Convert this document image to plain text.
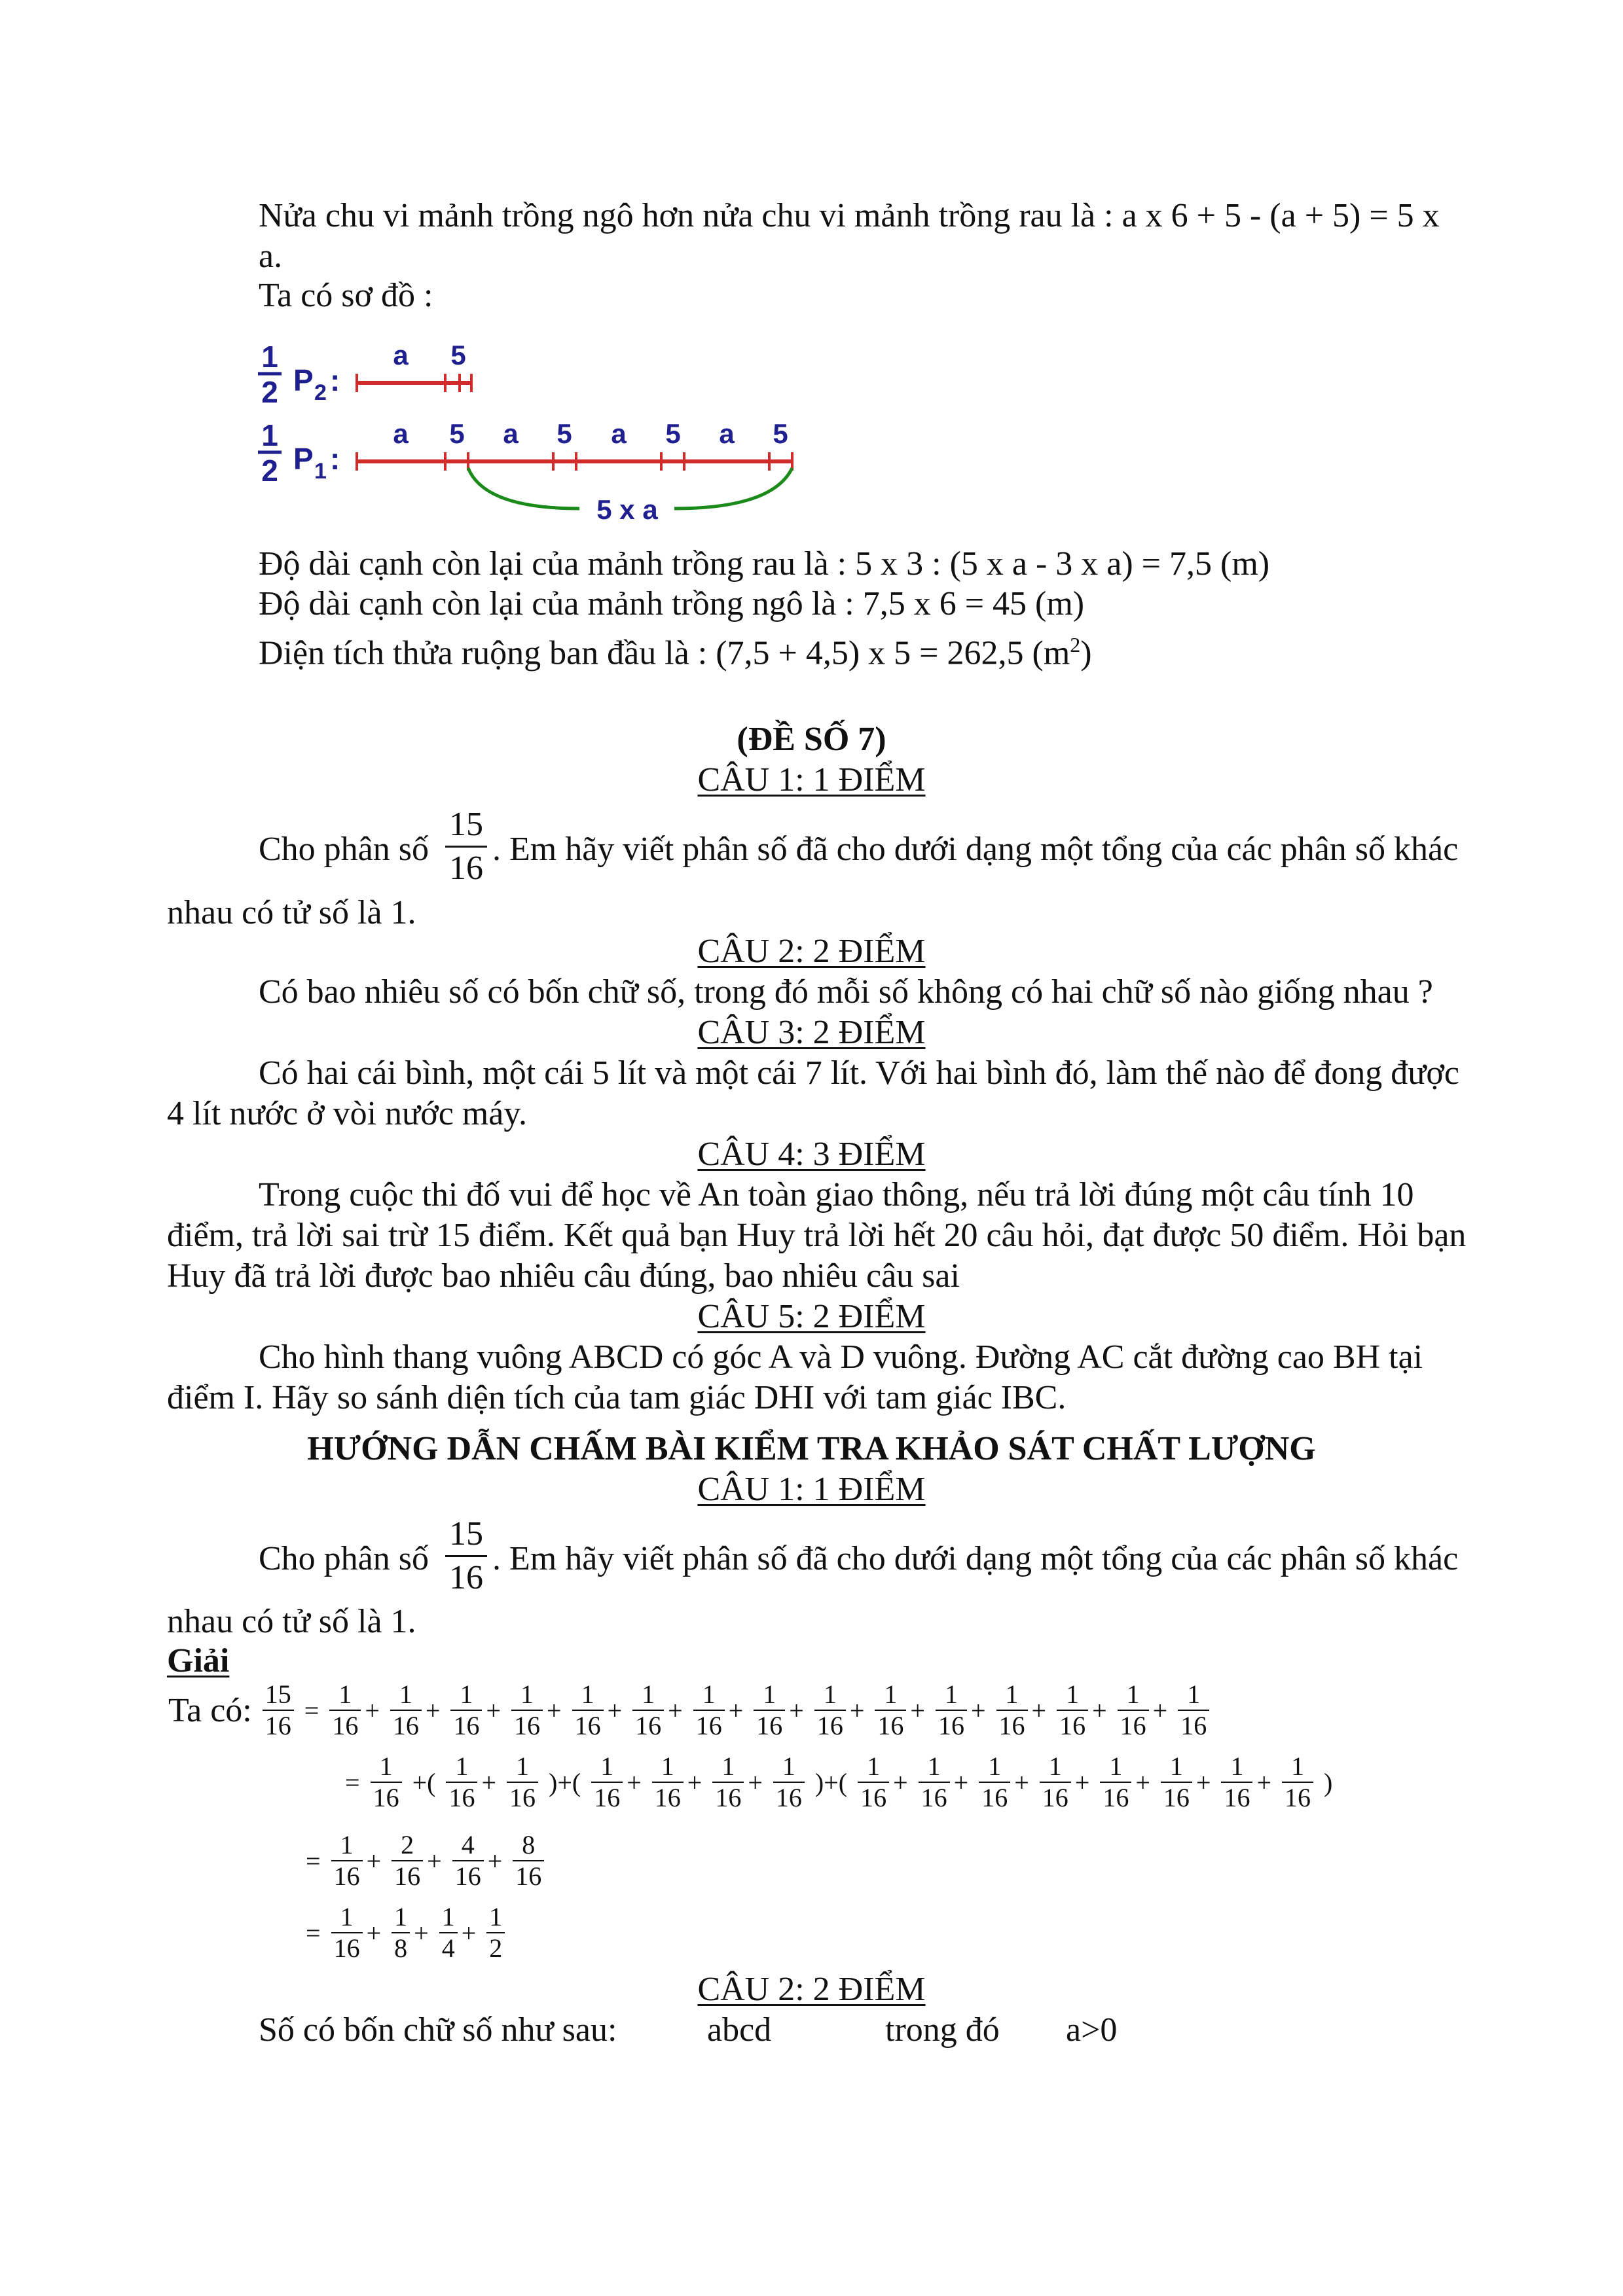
Nửa chu vi mảnh trồng ngô hơn nửa chu vi mảnh trồng rau là : a x 6 + 5 - (a + 5) = 5 x
a.
Ta có sơ đồ :
1
2 P 2 :
a 5
1
2 P 1 :
a 5 a 5 a 5 a 5
5 x a
Độ dài cạnh còn lại của mảnh trồng rau là : 5 x 3 : (5 x a - 3 x a) = 7,5 (m)
Độ dài cạnh còn lại của mảnh trồng ngô là : 7,5 x 6 = 45 (m)
Diện tích thửa ruộng ban đầu là : (7,5 + 4,5) x 5 = 262,5 $(m^2)$
(ĐỀ SỐ 7)
CÂU 1: 1 ĐIỂM
Cho phân số
15
16
. Em hãy viết phân số đã cho dưới dạng một tổng của các phân số khác
nhau có tử số là 1.
CÂU 2: 2 ĐIỂM
Có bao nhiêu số có bốn chữ số, trong đó mỗi số không có hai chữ số nào giống nhau ?
CÂU 3: 2 ĐIỂM
Có hai cái bình, một cái 5 lít và một cái 7 lít. Với hai bình đó, làm thế nào để đong được
4 lít nước ở vòi nước máy.
CÂU 4: 3 ĐIỂM
Trong cuộc thi đố vui để học về An toàn giao thông, nếu trả lời đúng một câu tính 10
điểm, trả lời sai trừ 15 điểm. Kết quả bạn Huy trả lời hết 20 câu hỏi, đạt được 50 điểm. Hỏi bạn
Huy đã trả lời được bao nhiêu câu đúng, bao nhiêu câu sai
CÂU 5: 2 ĐIỂM
Cho hình thang vuông ABCD có góc A và D vuông. Đường AC cắt đường cao BH tại
điểm I. Hãy so sánh diện tích của tam giác DHI với tam giác IBC.
HƯỚNG DẪN CHẤM BÀI KIỂM TRA KHẢO SÁT CHẤT LƯỢNG
CÂU 1: 1 ĐIỂM
Cho phân số
15
16
. Em hãy viết phân số đã cho dưới dạng một tổng của các phân số khác
nhau có tử số là 1.
Giải
Ta có: $\frac{15}{16} = \frac{1}{16} + \frac{1}{16} + \frac{1}{16} + \frac{1}{16} + \frac{1}{16} + \frac{1}{16} + \frac{1}{16} + \frac{1}{16} + \frac{1}{16} + \frac{1}{16} + \frac{1}{16} + \frac{1}{16} + \frac{1}{16} + \frac{1}{16} + \frac{1}{16}$
= $\frac{1}{16}$ +( $\frac{1}{16} + \frac{1}{16}$ )+( $\frac{1}{16} + \frac{1}{16} + \frac{1}{16} + \frac{1}{16}$ )+( $\frac{1}{16} + \frac{1}{16} + \frac{1}{16} + \frac{1}{16} + \frac{1}{16} + \frac{1}{16} + \frac{1}{16} + \frac{1}{16}$ )
= $\frac{1}{16} + \frac{2}{16} + \frac{4}{16} + \frac{8}{16}$
= $\frac{1}{16} + \frac{1}{8} + \frac{1}{4} + \frac{1}{2}$
CÂU 2: 2 ĐIỂM
Số có bốn chữ số như sau:	abcd	trong đó a>0
